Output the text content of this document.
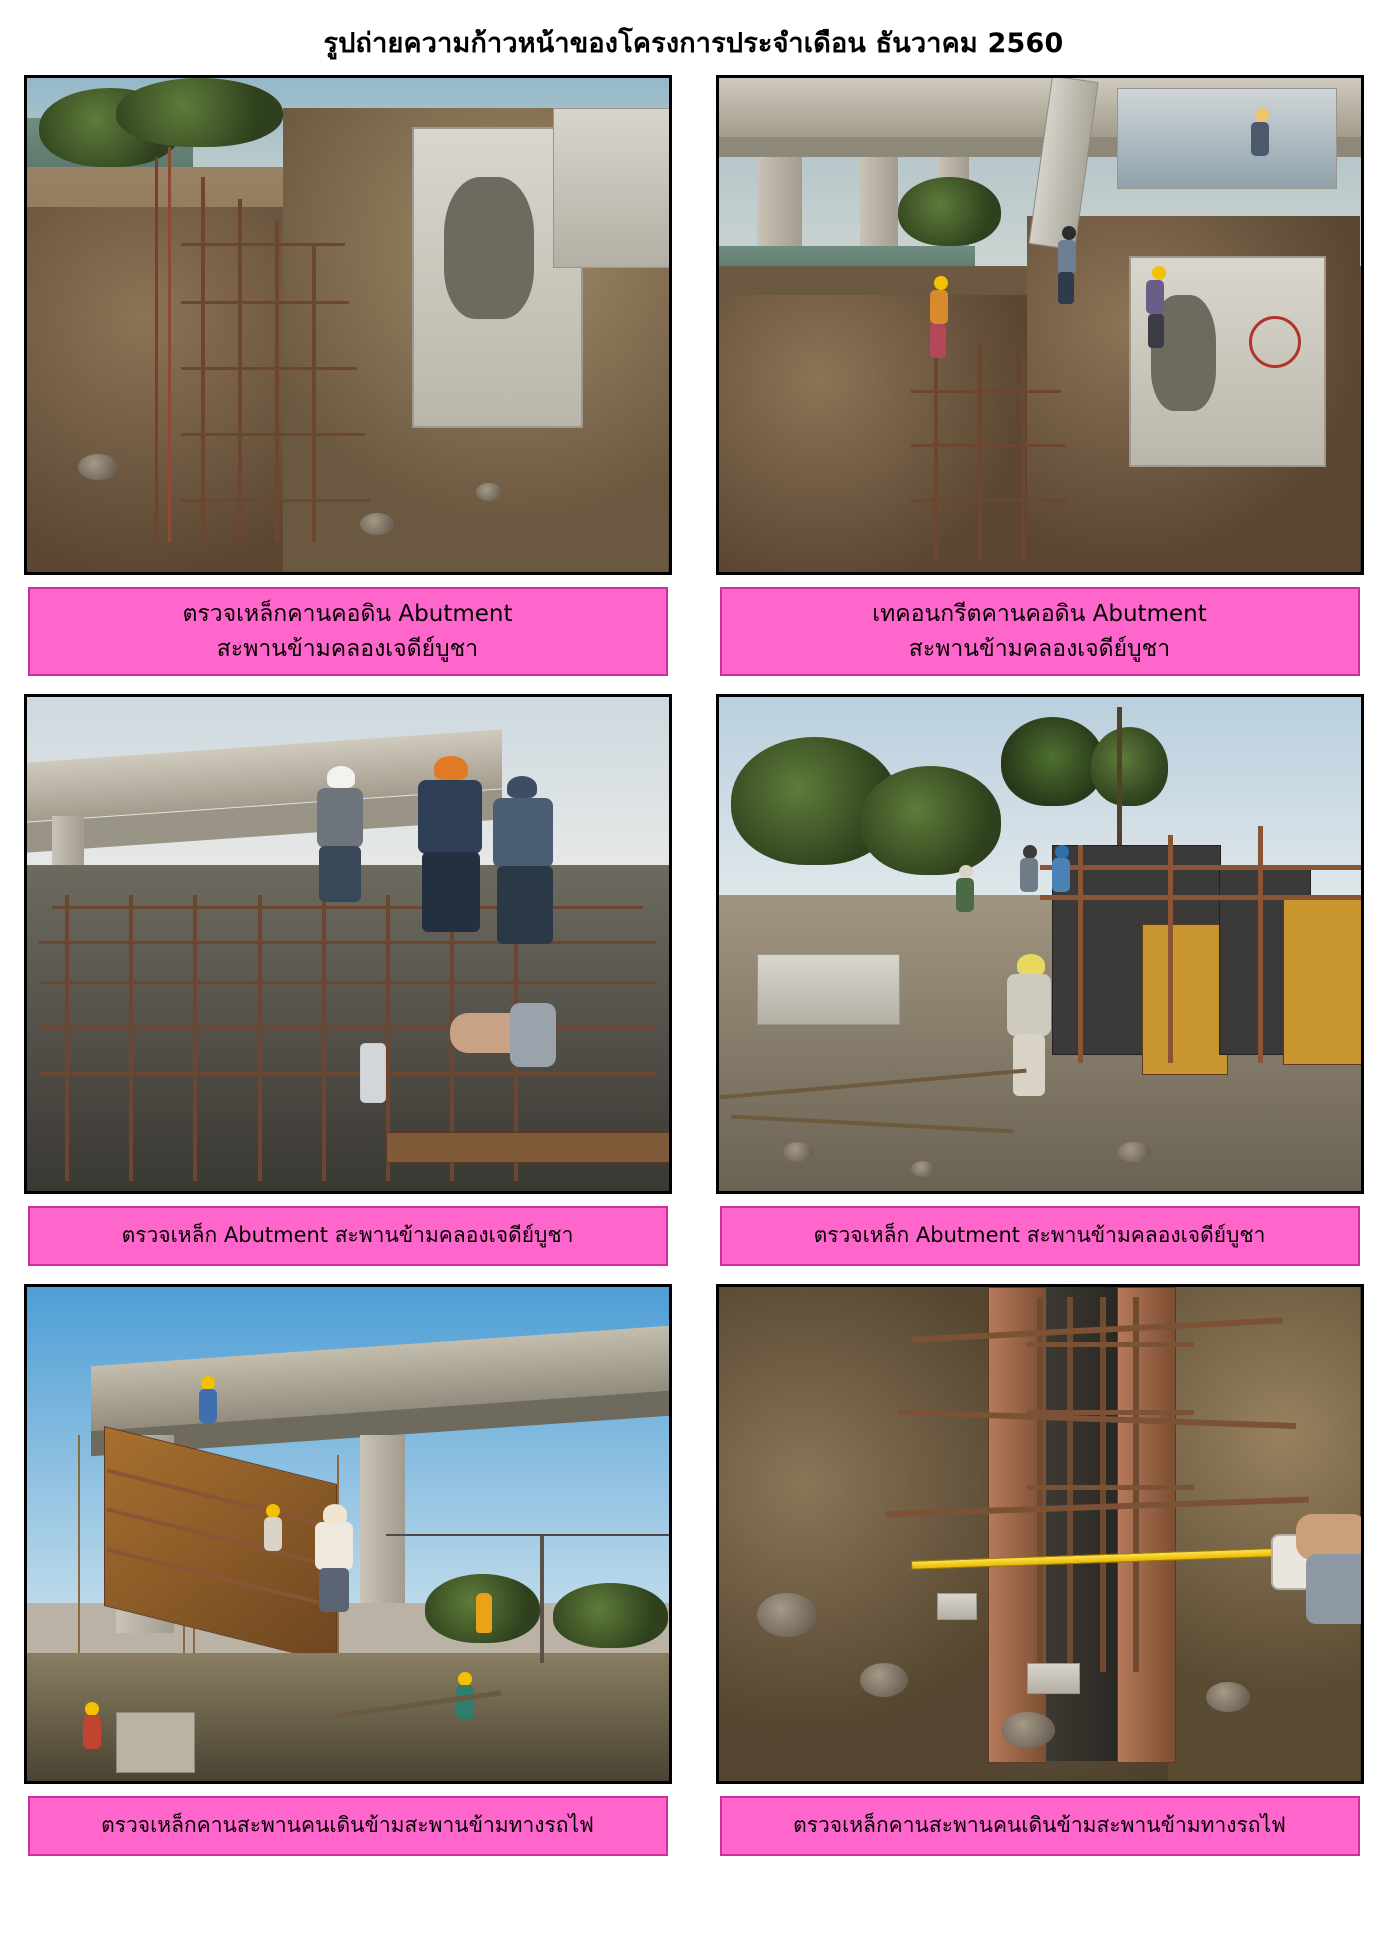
รูปถ่ายความก้าวหน้าของโครงการประจำเดือน ธันวาคม 2560
ตรวจเหล็กคานคอดิน Abutment
สะพานข้ามคลองเจดีย์บูชา
เทคอนกรีตคานคอดิน Abutment
สะพานข้ามคลองเจดีย์บูชา
ตรวจเหล็ก Abutment สะพานข้ามคลองเจดีย์บูชา	ตรวจเหล็ก Abutment สะพานข้ามคลองเจดีย์บูชา
ตรวจเหล็กคานสะพานคนเดินข้ามสะพานข้ามทางรถไฟ	ตรวจเหล็กคานสะพานคนเดินข้ามสะพานข้ามทางรถไฟ
